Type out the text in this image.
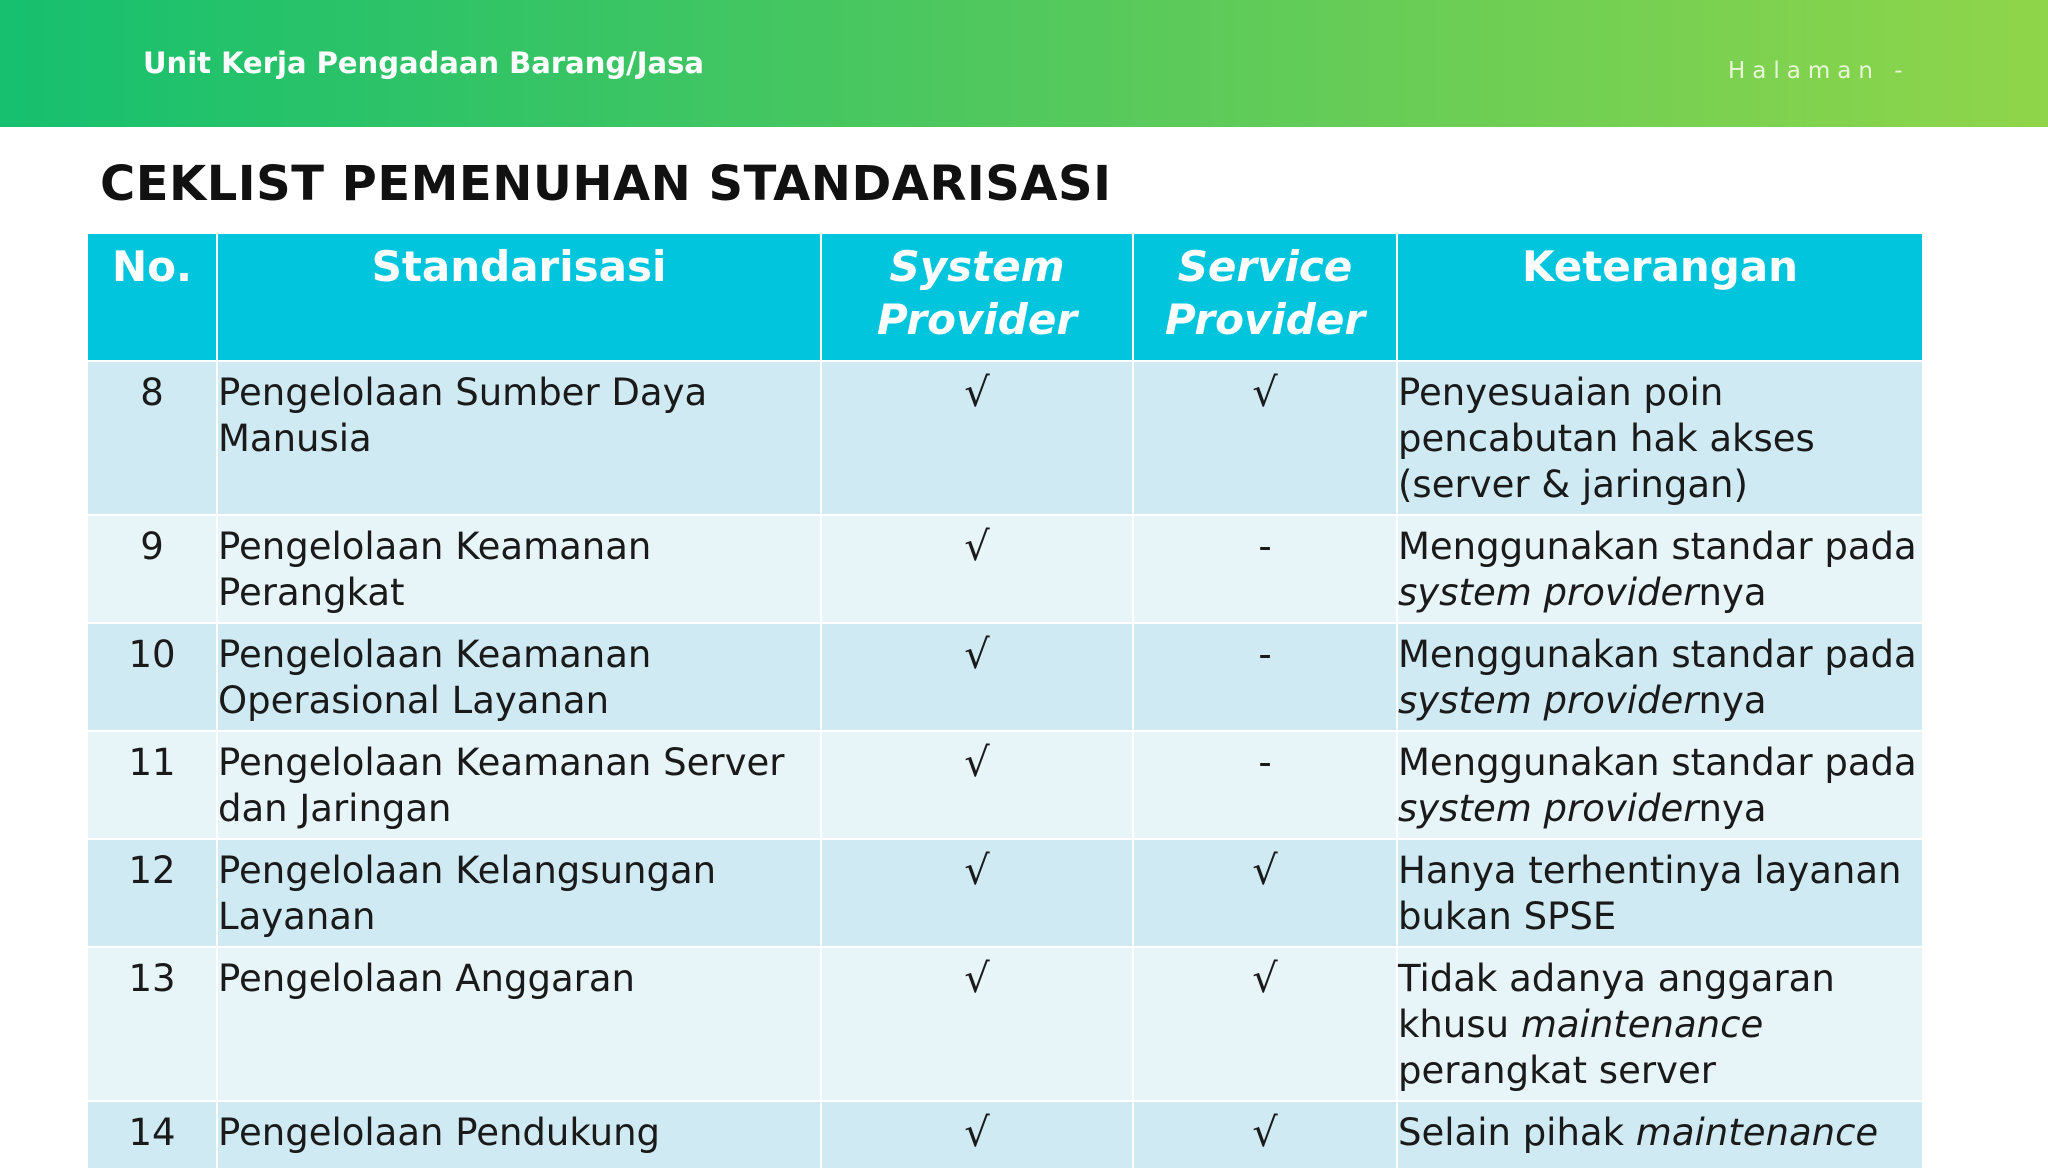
Unit Kerja Pengadaan Barang/Jasa	Halaman -
CEKLIST PEMENUHAN STANDARISASI
No.	Standarisasi	System Provider	Service Provider	Keterangan
8	Pengelolaan Sumber Daya Manusia	√	√	Penyesuaian poin pencabutan hak akses (server & jaringan)
9	Pengelolaan Keamanan Perangkat	√	-	Menggunakan standar pada system providernya
10	Pengelolaan Keamanan Operasional Layanan	√	-	Menggunakan standar pada system providernya
11	Pengelolaan Keamanan Server dan Jaringan	√	-	Menggunakan standar pada system providernya
12	Pengelolaan Kelangsungan Layanan	√	√	Hanya terhentinya layanan bukan SPSE
13	Pengelolaan Anggaran	√	√	Tidak adanya anggaran khusu maintenance perangkat server
14	Pengelolaan Pendukung	√	√	Selain pihak maintenance
